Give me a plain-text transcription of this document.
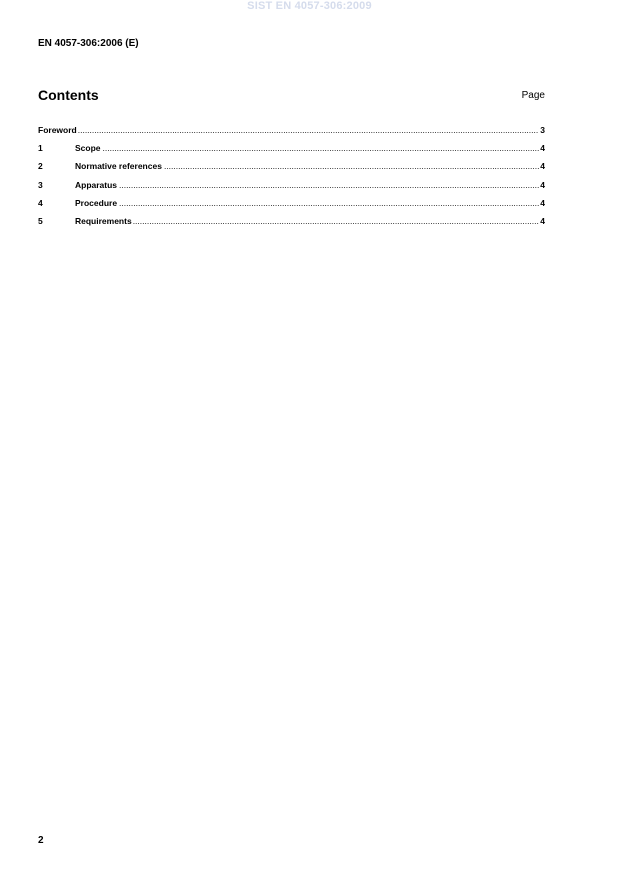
SIST EN 4057-306:2009
EN 4057-306:2006 (E)
Contents	Page
Foreword .....	3
1	Scope .....	4
2	Normative references .....	4
3	Apparatus .....	4
4	Procedure .....	4
5	Requirements .....	4
2
